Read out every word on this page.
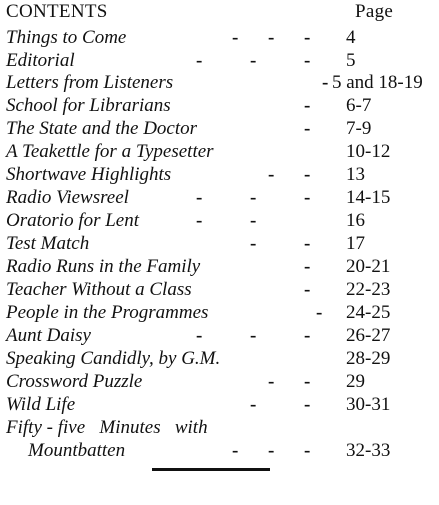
CONTENTS	Page
Things to Come	- - - 4
Editorial	-	-	- 5
Letters from Listeners	- 5 and 18-19
School for Librarians	- 6-7
The State and the Doctor	- 7-9
A Teakettle for a Typesetter	10-12
Shortwave Highlights	- - 13
Radio Viewsreel	-	-	- 14-15
Oratorio for Lent	-	-	16
Test Match	-	- 17
Radio Runs in the Family	- 20-21
Teacher Without a Class	- 22-23
People in the Programmes	- 24-25
Aunt Daisy	-	-	- 26-27
Speaking Candidly, by G.M.	28-29
Crossword Puzzle	- - 29
Wild Life	-	- 30-31
Fifty - five   Minutes   with
Mountbatten	- - - 32-33
